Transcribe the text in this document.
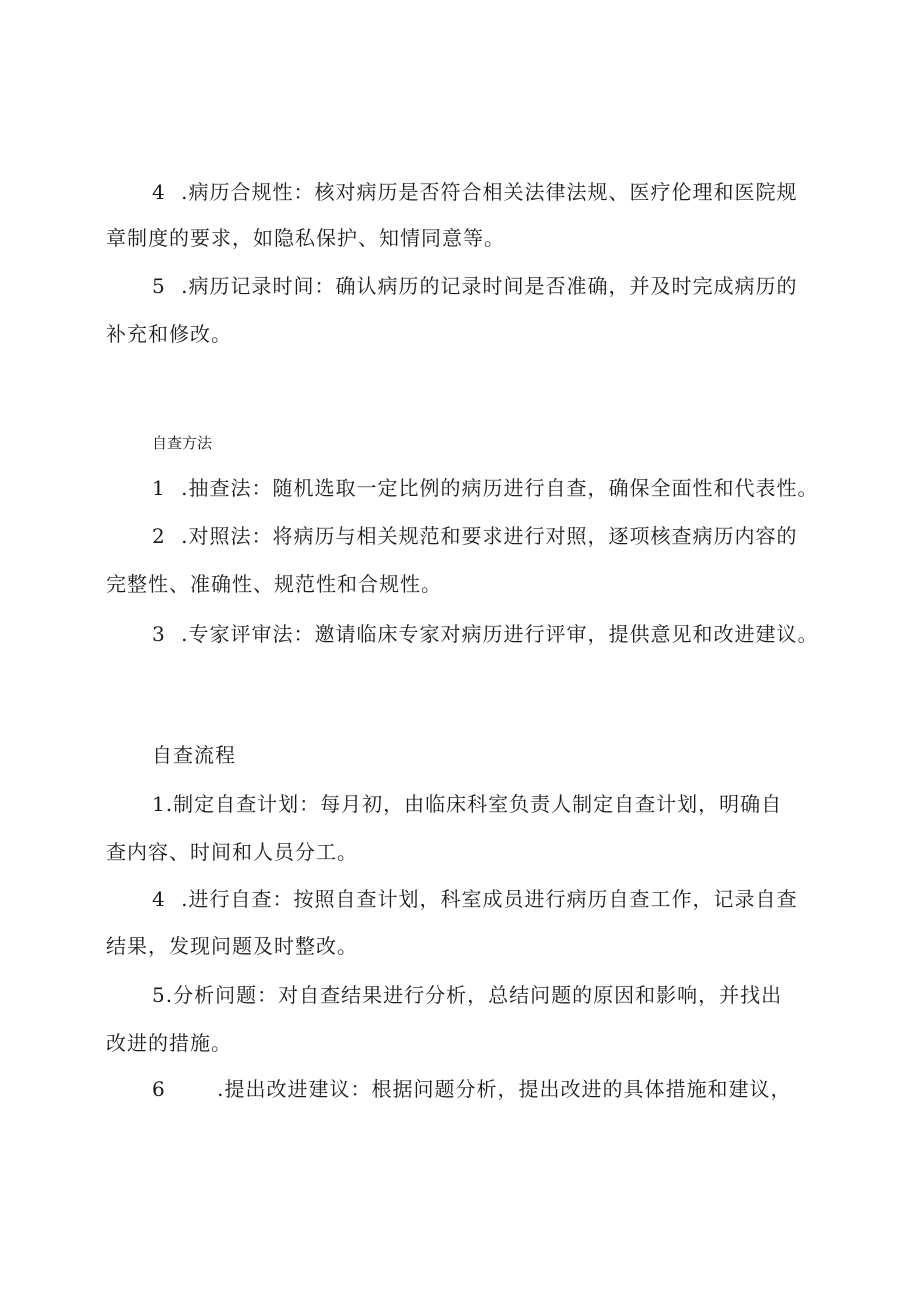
4 .病历合规性：核对病历是否符合相关法律法规、医疗伦理和医院规
章制度的要求，如隐私保护、知情同意等。
5 .病历记录时间：确认病历的记录时间是否准确，并及时完成病历的
补充和修改。
自查方法
1 .抽查法：随机选取一定比例的病历进行自查，确保全面性和代表性。
2 .对照法：将病历与相关规范和要求进行对照，逐项核查病历内容的
完整性、准确性、规范性和合规性。
3 .专家评审法：邀请临床专家对病历进行评审，提供意见和改进建议。
自查流程
1.制定自查计划：每月初，由临床科室负责人制定自查计划，明确自
查内容、时间和人员分工。
4 .进行自查：按照自查计划，科室成员进行病历自查工作，记录自查
结果，发现问题及时整改。
5.分析问题：对自查结果进行分析，总结问题的原因和影响，并找出
改进的措施。
6	.提出改进建议：根据问题分析，提出改进的具体措施和建议，
